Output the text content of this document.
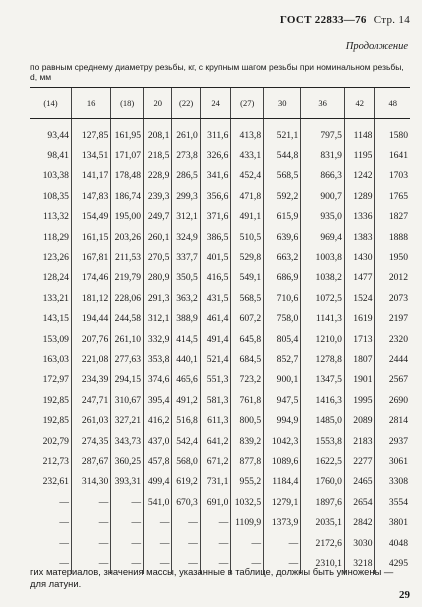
ГОСТ 22833—76 Стр. 14
Продолжение
по равным среднему диаметру резьбы, кг, с крупным шагом резьбы при номинальном резьбы, d, мм
(14)	16	(18)	20	(22)	24	(27)	30	36	42	48
93,44	127,85	161,95	208,1	261,0	311,6	413,8	521,1	797,5	1148	1580
98,41	134,51	171,07	218,5	273,8	326,6	433,1	544,8	831,9	1195	1641
103,38	141,17	178,48	228,9	286,5	341,6	452,4	568,5	866,3	1242	1703
108,35	147,83	186,74	239,3	299,3	356,6	471,8	592,2	900,7	1289	1765
113,32	154,49	195,00	249,7	312,1	371,6	491,1	615,9	935,0	1336	1827
118,29	161,15	203,26	260,1	324,9	386,5	510,5	639,6	969,4	1383	1888
123,26	167,81	211,53	270,5	337,7	401,5	529,8	663,2	1003,8	1430	1950
128,24	174,46	219,79	280,9	350,5	416,5	549,1	686,9	1038,2	1477	2012
133,21	181,12	228,06	291,3	363,2	431,5	568,5	710,6	1072,5	1524	2073
143,15	194,44	244,58	312,1	388,9	461,4	607,2	758,0	1141,3	1619	2197
153,09	207,76	261,10	332,9	414,5	491,4	645,8	805,4	1210,0	1713	2320
163,03	221,08	277,63	353,8	440,1	521,4	684,5	852,7	1278,8	1807	2444
172,97	234,39	294,15	374,6	465,6	551,3	723,2	900,1	1347,5	1901	2567
192,85	247,71	310,67	395,4	491,2	581,3	761,8	947,5	1416,3	1995	2690
192,85	261,03	327,21	416,2	516,8	611,3	800,5	994,9	1485,0	2089	2814
202,79	274,35	343,73	437,0	542,4	641,2	839,2	1042,3	1553,8	2183	2937
212,73	287,67	360,25	457,8	568,0	671,2	877,8	1089,6	1622,5	2277	3061
232,61	314,30	393,31	499,4	619,2	731,1	955,2	1184,4	1760,0	2465	3308
—	—	—	541,0	670,3	691,0	1032,5	1279,1	1897,6	2654	3554
—	—	—	—	—	—	1109,9	1373,9	2035,1	2842	3801
—	—	—	—	—	—	—	—	2172,6	3030	4048
—	—	—	—	—	—	—	—	2310,1	3218	4295
гих материалов, значения массы, указанные в таблице, должны быть умножены — для латуни.
29
